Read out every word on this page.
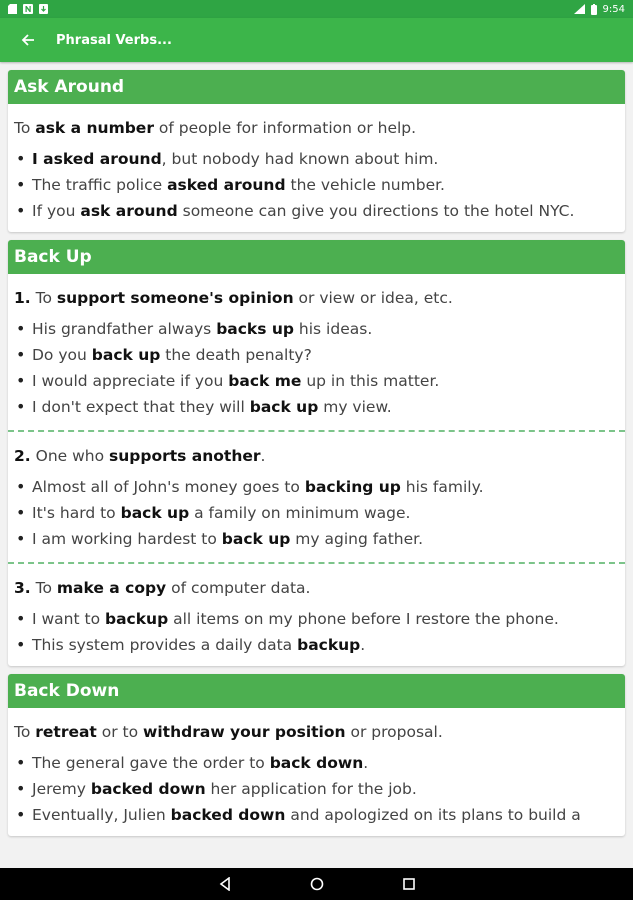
9:54
Phrasal Verbs...
Ask Around
To ask a number of people for information or help.
• I asked around, but nobody had known about him.
• The traffic police asked around the vehicle number.
• If you ask around someone can give you directions to the hotel NYC.
Back Up
1. To support someone's opinion or view or idea, etc.
• His grandfather always backs up his ideas.
• Do you back up the death penalty?
• I would appreciate if you back me up in this matter.
• I don't expect that they will back up my view.
2. One who supports another.
• Almost all of John's money goes to backing up his family.
• It's hard to back up a family on minimum wage.
• I am working hardest to back up my aging father.
3. To make a copy of computer data.
• I want to backup all items on my phone before I restore the phone.
• This system provides a daily data backup.
Back Down
To retreat or to withdraw your position or proposal.
• The general gave the order to back down.
• Jeremy backed down her application for the job.
• Eventually, Julien backed down and apologized on its plans to build a
